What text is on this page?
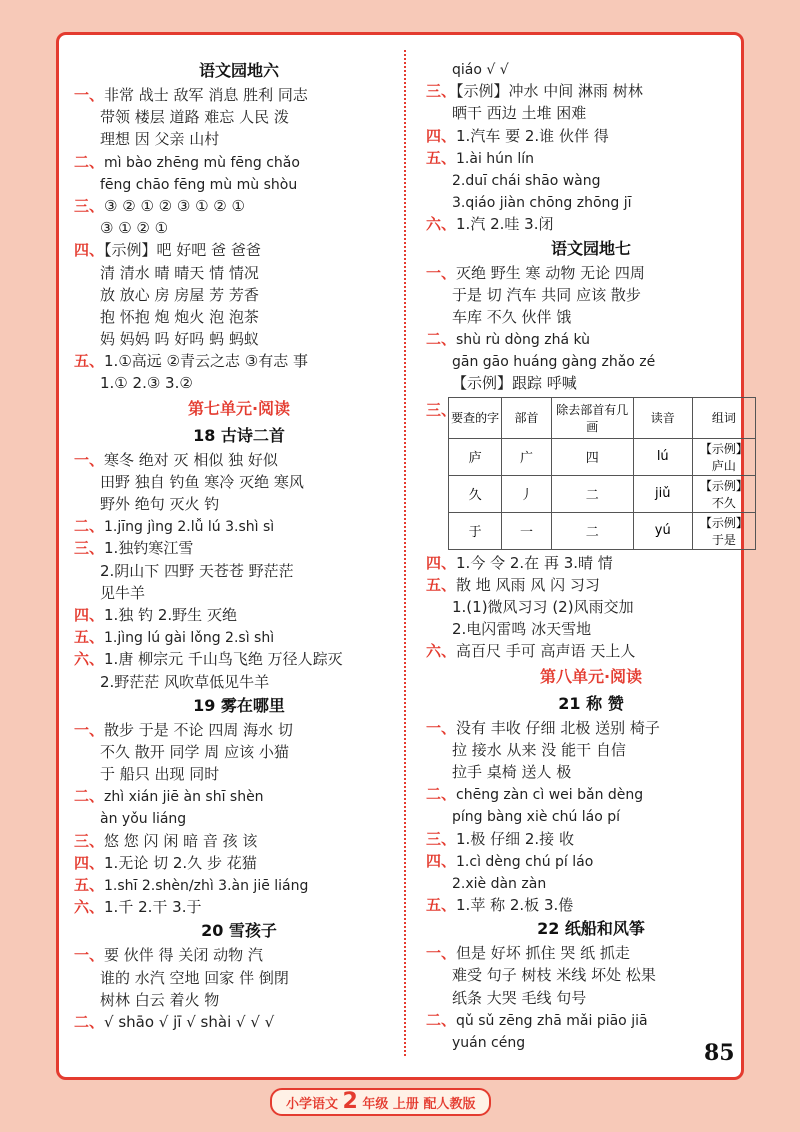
语文园地六
一、非常 战士 敌军 消息 胜利 同志
带领 楼层 道路 难忘 人民 泼
理想 因 父亲 山村
二、mì bào zhēng mù fēng chǎo
fēng chāo fēng mù mù shòu
三、③ ② ① ② ③ ① ② ①
③ ① ② ①
四、【示例】吧 好吧 爸 爸爸
清 清水 晴 晴天 情 情况
放 放心 房 房屋 芳 芳香
抱 怀抱 炮 炮火 泡 泡茶
妈 妈妈 吗 好吗 蚂 蚂蚁
五、1.①高远 ②青云之志 ③有志 事
1.① 2.③ 3.②
第七单元·阅读
18 古诗二首
一、寒冬 绝对 灭 相似 独 好似
田野 独自 钓鱼 寒冷 灭绝 寒风
野外 绝句 灭火 钓
二、1.jīng jìng 2.lǚ lú 3.shì sì
三、1.独钓寒江雪
2.阴山下 四野 天苍苍 野茫茫
见牛羊
四、1.独 钓 2.野生 灭绝
五、1.jìng lú gài lǒng 2.sì shì
六、1.唐 柳宗元 千山鸟飞绝 万径人踪灭
2.野茫茫 风吹草低见牛羊
19 雾在哪里
一、散步 于是 不论 四周 海水 切
不久 散开 同学 周 应该 小猫
于 船只 出现 同时
二、zhì xián jiē àn shī shèn
àn yǒu liáng
三、悠 您 闪 闲 暗 音 孩 该
四、1.无论 切 2.久 步 花猫
五、1.shī 2.shèn/zhì 3.àn jiē liáng
六、1.千 2.干 3.于
20 雪孩子
一、要 伙伴 得 关闭 动物 汽
谁的 水汽 空地 回家 伴 倒閉
树林 白云 着火 物
二、√ shāo √ jī √ shài √ √ √
qiáo √ √
三、【示例】冲水 中间 淋雨 树林
晒干 西边 土堆 困难
四、1.汽车 要 2.谁 伙伴 得
五、1.ài hún lín
2.duī chái shāo wàng
3.qiáo jiàn chōng zhōng jī
六、1.汽 2.哇 3.闭
语文园地七
一、灭绝 野生 寒 动物 无论 四周
于是 切 汽车 共同 应该 散步
车库 不久 伙伴 饿
二、shù rù dòng zhá kù
gān gāo huáng gàng zhǎo zé
【示例】跟踪 呼喊
三、
要查的字	部首	除去部首有几画	读音	组词
庐	广	四	lú	【示例】庐山
久	丿	二	jiǔ	【示例】不久
于	一	二	yú	【示例】于是
四、1.今 令 2.在 再 3.晴 情
五、散 地 风雨 风 闪 习习
1.(1)微风习习 (2)风雨交加
2.电闪雷鸣 冰天雪地
六、高百尺 手可 高声语 天上人
第八单元·阅读
21 称 赞
一、没有 丰收 仔细 北极 送别 椅子
拉 接水 从来 没 能干 自信
拉手 桌椅 送人 极
二、chēng zàn cì wei bǎn dèng
píng bàng xiè chú láo pí
三、1.极 仔细 2.接 收
四、1.cì dèng chú pí láo
2.xiè dàn zàn
五、1.苹 称 2.板 3.倦
22 纸船和风筝
一、但是 好坏 抓住 哭 纸 抓走
难受 句子 树枝 米线 坏处 松果
纸条 大哭 毛线 句号
二、qǔ sǔ zēng zhā mǎi piāo jiā
yuán céng	85
小学语文 2 年级 上册 配人教版
